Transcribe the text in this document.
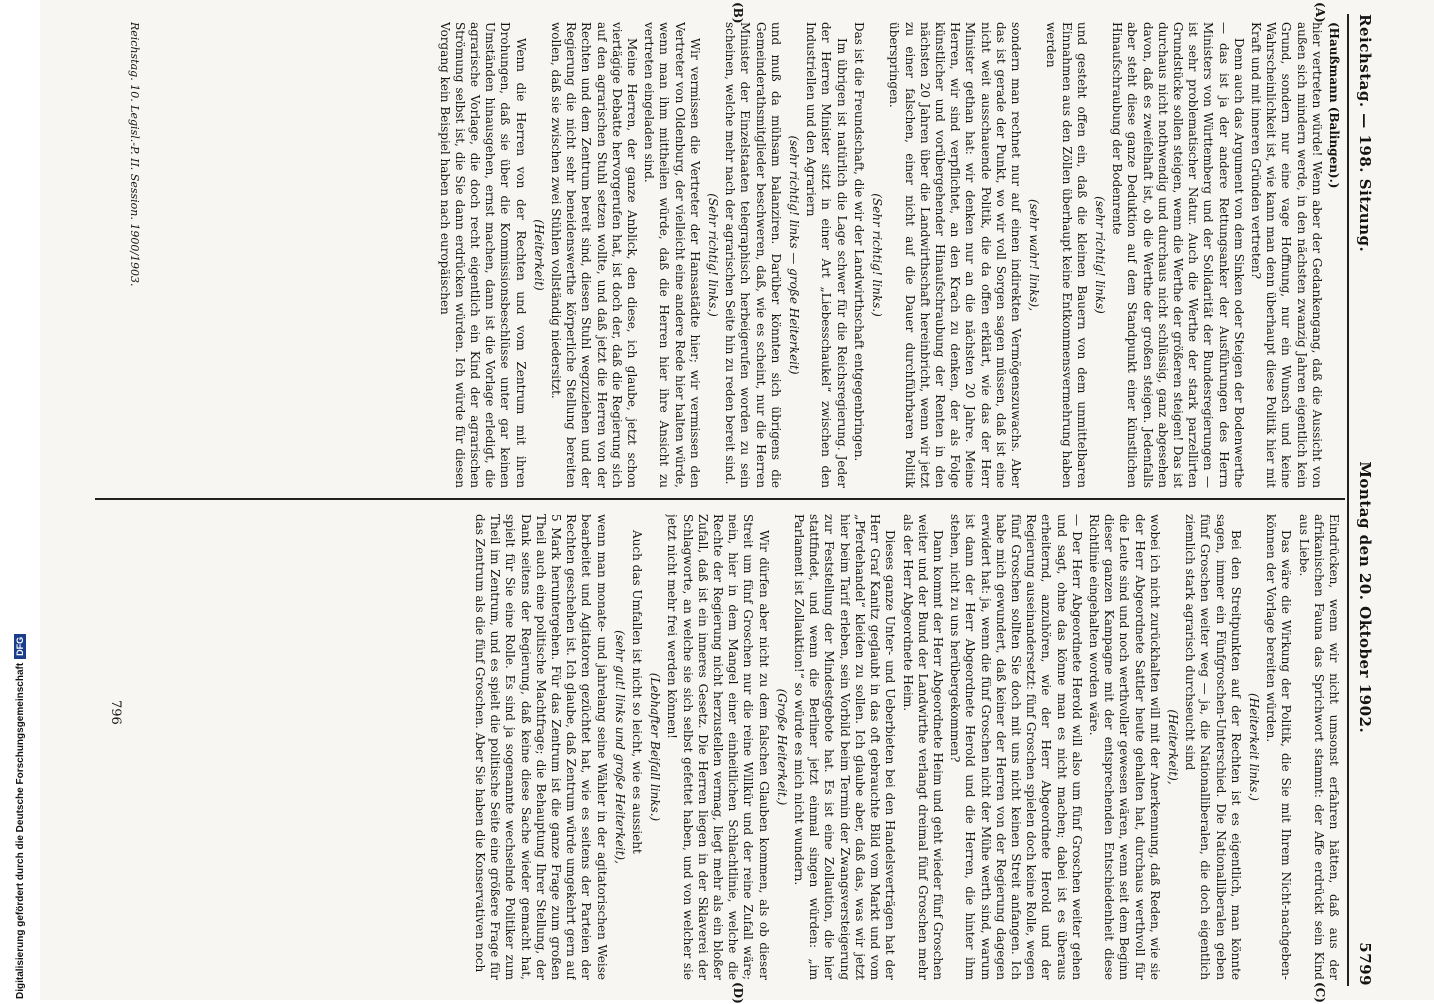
Digitalisierung gefördert durch die Deutsche Forschungsgemeinschaft
DFG
Reichstag. — 198. Sitzung.
Montag den 20. Oktober 1902.
5799
(A)
(B)
(C)
(D)

(Haußmann (Balingen).)

hier vertreten würde! Wenn aber der Gedankengang, daß die Aussicht von außen sich mindern werde, in den nächsten zwanzig Jahren eigentlich kein Grund, sondern nur eine vage Hoffnung, nur ein Wunsch und keine Wahrscheinlichkeit ist, wie kann man denn überhaupt diese Politik hier mit Kraft und mit inneren Gründen vertreten?

Denn auch das Argument von dem Sinken oder Steigen der Bodenwerthe — das ist ja der andere Rettungsanker der Ausführungen des Herrn Ministers von Württemberg und der Solidarität der Bundesregierungen — ist sehr problematischer Natur. Auch die Werthe der stark parzellirten Grundstücke sollen steigen, wenn die Werthe der größeren steigen! Das ist durchaus nicht nothwendig und durchaus nicht schlüssig, ganz abgesehen davon, daß es zweifelhaft ist, ob die Werthe der großen steigen. Jedenfalls aber steht diese ganze Deduktion auf dem Standpunkt einer künstlichen Hinaufschraubung der Bodenrente

(sehr richtig! links)

und gesteht offen ein, daß die kleinen Bauern von dem unmittelbaren Einnahmen aus den Zöllen überhaupt keine Entkommensvermehrung haben werden

(sehr wahr! links),

sondern man rechnet nur auf einen indirekten Vermögenszuwachs. Aber das ist gerade der Punkt, wo wir voll Sorgen sagen müssen, daß ist eine nicht weit ausschauende Politik, die da offen erklärt, wie das der Herr Minister gethan hat: wir denken nur an die nächsten 20 Jahre. Meine Herren, wir sind verpflichtet, an den Krach zu denken, der als Folge künstlicher und vorübergehender Hinaufschraubung der Renten in den nächsten 20 Jahren über die Landwirthschaft hereinbricht, wenn wir jetzt zu einer falschen, einer nicht auf die Dauer durchführbaren Politik überspringen.

(Sehr richtig! links.)

Das ist die Freundschaft, die wir der Landwirthschaft entgegenbringen.

Im übrigen ist natürlich die Lage schwer für die Reichsregierung. Jeder der Herren Minister sitzt in einer Art „Liebesschaukel“ zwischen den Industriellen und den Agrariern

(sehr richtig! links — große Heiterkeit)

und muß da mühsam balanziren. Darüber könnten sich übrigens die Gemeinderathsmitglieder beschweren, daß, wie es scheint, nur die Herren Minister der Einzelstaaten telegraphisch herbeigerufen worden zu sein scheinen, welche mehr nach der agrarischen Seite hin zu reden bereit sind.

(Sehr richtig! links.)

Wir vermissen die Vertreter der Hansastädte hier; wir vermissen den Vertreter von Oldenburg, der vielleicht eine andere Rede hier halten würde, wenn man ihm mittheilen würde, daß die Herren hier ihre Ansicht zu vertreten eingeladen sind.

Meine Herren, der ganze Anblick, den diese, ich glaube, jetzt schon viertägige Debatte hervorgerufen hat, ist doch der, daß die Regierung sich auf den agrarischen Stuhl setzen wollte, und daß jetzt die Herren von der Rechten und dem Zentrum bereit sind, diesen Stuhl wegzuziehen und der Regierung die nicht sehr beneidenswerthe körperliche Stellung bereiten wollen, daß sie zwischen zwei Stühlen vollständig niedersitzt.

(Heiterkeit)

Wenn die Herren von der Rechten und vom Zentrum mit ihren Drohungen, daß sie über die Kommissionsbeschlüsse unter gar keinen Umständen hinausgehen, ernst machen, dann ist die Vorlage erledigt, die agrarische Vorlage, die doch recht eigentlich ein Kind der agrarischen Strömung selbst ist, die Sie dann erdrücken würden. Ich würde für diesen Vorgang kein Beispiel haben nach europäischen

Eindrücken, wenn wir nicht umsonst erfahren hätten, daß aus der afrikanischen Fauna das Sprichwort stammt: der Affe erdrückt sein Kind aus Liebe.

Das wäre die Wirkung der Politik, die Sie mit Ihrem Nicht-nachgeben-können der Vorlage bereiten würden.

(Heiterkeit links.)

Bei den Streitpunkten auf der Rechten ist es eigentlich, man könnte sagen, immer ein Fünfgroschen-Unterschied. Die Nationalliberalen geben fünf Groschen weiter weg — ja, die Nationalliberalen, die doch eigentlich ziemlich stark agrarisch durchseucht sind

(Heiterkeit),

wobei ich nicht zurückhalten will mit der Anerkennung, daß Reden, wie sie der Herr Abgeordnete Sattler heute gehalten hat, durchaus werthvoll für die Leute sind und noch werthvoller gewesen wären, wenn seit dem Beginn dieser ganzen Kampagne mit der entsprechenden Entschiedenheit diese Richtlinie eingehalten worden wäre.

— Der Herr Abgeordnete Herold will also um fünf Groschen weiter gehen und sagt, ohne das könne man es nicht machen; dabei ist es überaus erheiternd, anzuhören, wie der Herr Abgeordnete Herold und der Regierung auseinandersetzt: fünf Groschen spielen doch keine Rolle, wegen fünf Groschen sollten Sie doch mit uns nicht keinen Streit anfangen. Ich habe mich gewundert, daß keiner der Herren von der Regierung dagegen erwidert hat: ja, wenn die fünf Groschen nicht der Mühe werth sind, warum ist dann der Herr Abgeordnete Herold und die Herren, die hinter ihm stehen, nicht zu uns herübergekommen?

Dann kommt der Herr Abgeordnete Heim und geht wieder fünf Groschen weiter und der Bund der Landwirthe verlangt dreimal fünf Groschen mehr als der Herr Abgeordnete Heim.

Dieses ganze Unter- und Ueberbieten bei den Handelsverträgen hat der Herr Graf Kanitz geglaubt in das oft gebrauchte Bild vom Markt und vom „Pferdehandel“ kleiden zu sollen. Ich glaube aber, daß das, was wir jetzt hier beim Tarif erleben, sein Vorbild beim Termin der Zwangsversteigerung zur Feststellung der Mindestgebote hat. Es ist eine Zollaution, die hier stattfindet, und wenn die Berliner jetzt einmal singen würden: „im Parlament ist Zollauktion!“ so würde es mich nicht wundern.

(Große Heiterkeit.)

Wir dürfen aber nicht zu dem falschen Glauben kommen, als ob dieser Streit um fünf Groschen nur die reine Willkür und der reine Zufall wäre; nein, hier in dem Mangel einer einheitlichen Schlachtlinie, welche die Rechte der Regierung nicht herzustellen vermag, liegt mehr als ein bloßer Zufall, daß ist ein inneres Gesetz. Die Herren liegen in der Sklaverei der Schlagworte, an welche sie sich selbst gefettet haben, und von welcher sie jetzt nicht mehr frei werden können!

(Lebhafter Beifall links.)

Auch das Umfallen ist nicht so leicht, wie es aussieht

(sehr gut! links und große Heiterkeit),

wenn man monate- und jahrelang seine Wähler in der agitatorischen Weise bearbeitet und Agitatoren gezüchtet hat, wie es seitens der Parteien der Rechten geschehen ist. Ich glaube, daß Zentrum würde umgekehrt gern auf 5 Mark heruntergehen. Für das Zentrum ist die ganze Frage zum großen Theil auch eine politische Machtfrage; die Behauptung Ihrer Stellung, der Dank seitens der Regierung, daß keine diese Sache wieder gemacht hat, spielt für Sie eine Rolle. Es sind ja sogenannte wechselnde Politiker zum Theil im Zentrum, und es spielt die politische Seite eine größere Frage für das Zentrum als die fünf Groschen. Aber Sie haben die Konservativen noch

Reichstag. 10. Legisl.-P. II. Session. 1900/1903.
796
